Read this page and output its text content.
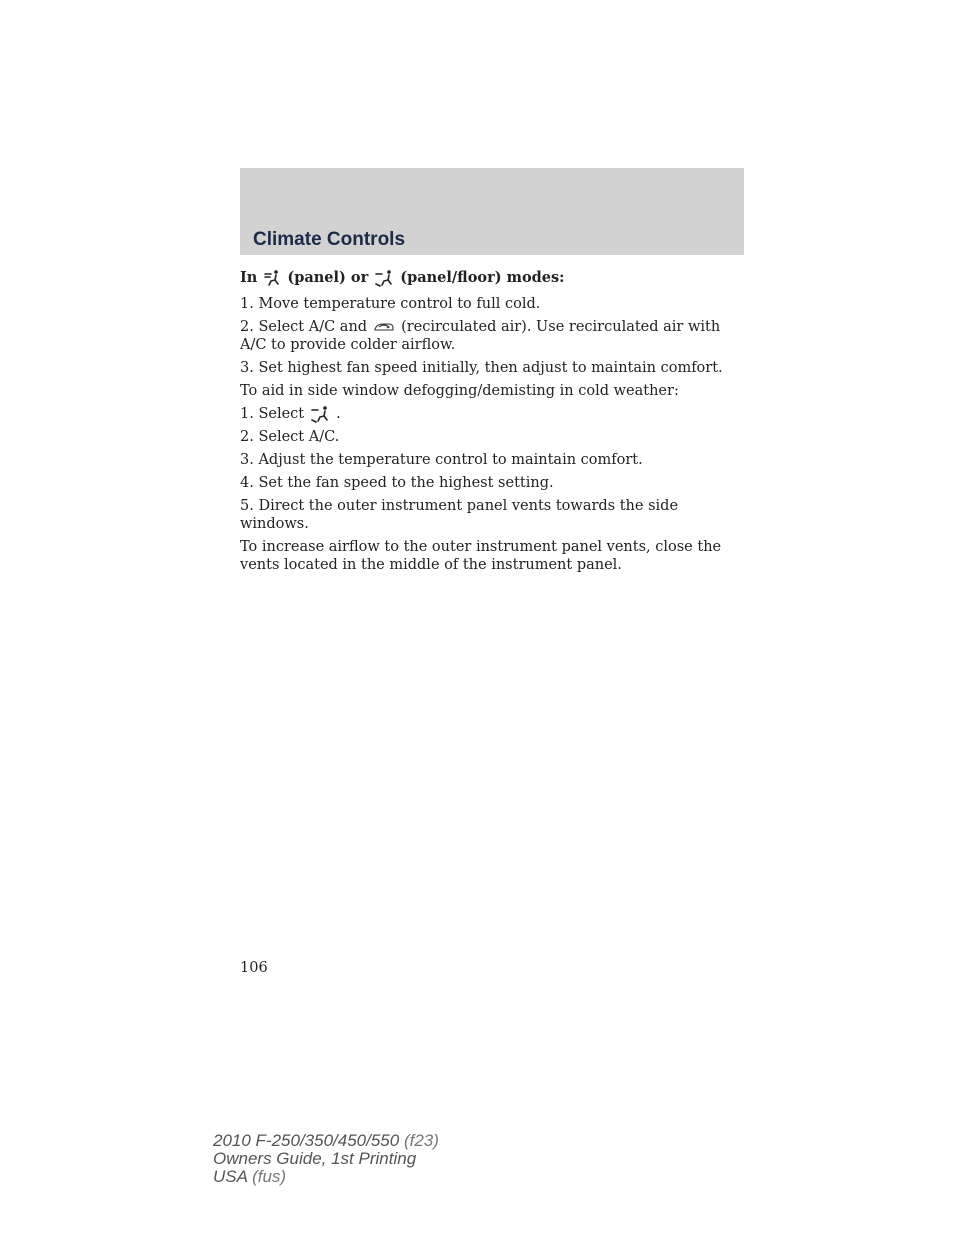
Climate Controls

In (panel) or (panel/floor) modes:

1. Move temperature control to full cold.

2. Select A/C and (recirculated air). Use recirculated air with A/C to provide colder airflow.

3. Set highest fan speed initially, then adjust to maintain comfort.

To aid in side window defogging/demisting in cold weather:

1. Select .

2. Select A/C.

3. Adjust the temperature control to maintain comfort.

4. Set the fan speed to the highest setting.

5. Direct the outer instrument panel vents towards the side windows.

To increase airflow to the outer instrument panel vents, close the vents located in the middle of the instrument panel.

106
2010 F-250/350/450/550 (f23)
Owners Guide, 1st Printing
USA (fus)
